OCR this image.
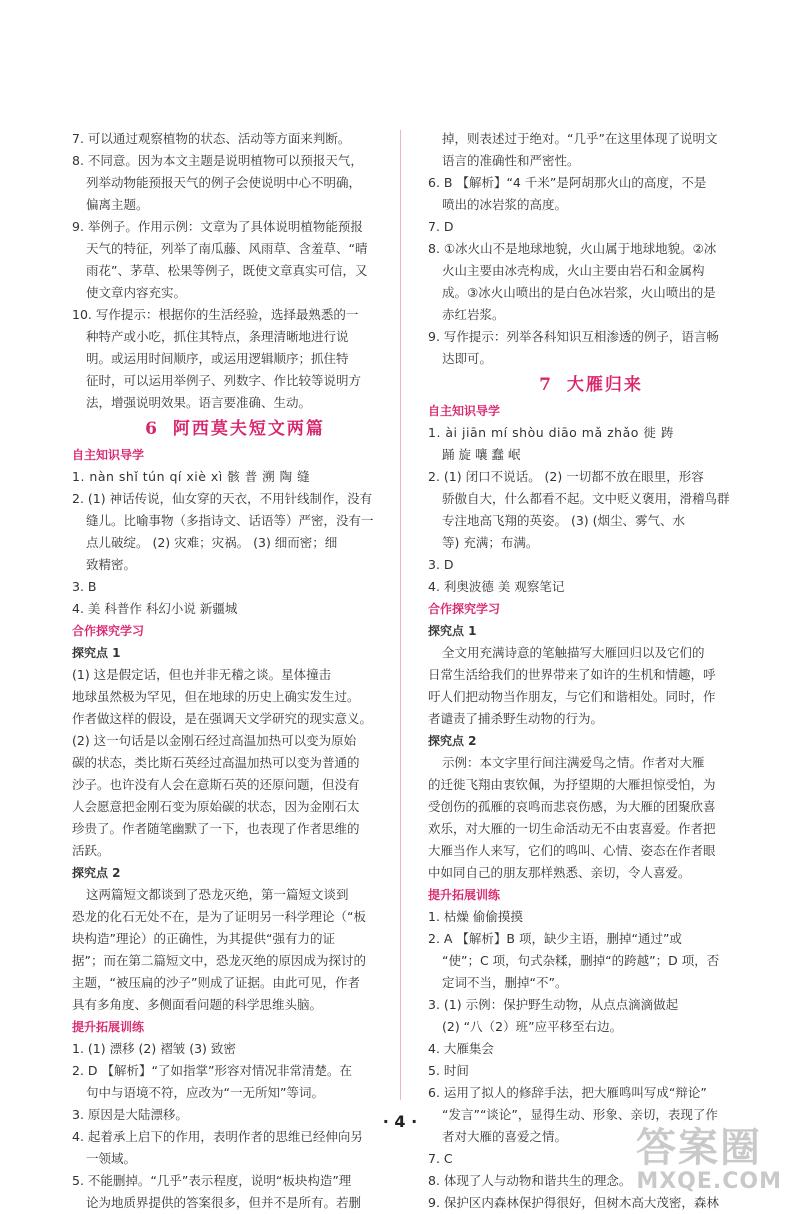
7. 可以通过观察植物的状态、活动等方面来判断。
8. 不同意。因为本文主题是说明植物可以预报天气，
列举动物能预报天气的例子会使说明中心不明确，
偏离主题。
9. 举例子。作用示例：文章为了具体说明植物能预报
天气的特征，列举了南瓜藤、风雨草、含羞草、“晴
雨花”、茅草、松果等例子，既使文章真实可信，又
使文章内容充实。
10. 写作提示：根据你的生活经验，选择最熟悉的一
种特产或小吃，抓住其特点，条理清晰地进行说
明。或运用时间顺序，或运用逻辑顺序；抓住特
征时，可以运用举例子、列数字、作比较等说明方
法，增强说明效果。语言要准确、生动。
6 阿西莫夫短文两篇
自主知识导学
1. nàn shǐ tún qí xiè xì 骸 普 溯 陶 缝
2. (1) 神话传说，仙女穿的天衣，不用针线制作，没有
缝儿。比喻事物（多指诗文、话语等）严密，没有一
点儿破绽。 (2) 灾难；灾祸。 (3) 细而密；细
致精密。
3. B
4. 美 科普作 科幻小说 新疆城
合作探究学习
探究点 1
(1) 这是假定话，但也并非无稽之谈。星体撞击
地球虽然极为罕见，但在地球的历史上确实发生过。
作者做这样的假设，是在强调天文学研究的现实意义。
(2) 这一句话是以金刚石经过高温加热可以变为原始
碳的状态，类比斯石英经过高温加热可以变为普通的
沙子。也许没有人会在意斯石英的还原问题，但没有
人会愿意把金刚石变为原始碳的状态，因为金刚石太
珍贵了。作者随笔幽默了一下，也表现了作者思维的
活跃。
探究点 2
这两篇短文都谈到了恐龙灭绝，第一篇短文谈到
恐龙的化石无处不在，是为了证明另一科学理论（“板
块构造”理论）的正确性，为其提供“强有力的证
据”；而在第二篇短文中，恐龙灭绝的原因成为探讨的
主题，“被压扁的沙子”则成了证据。由此可见，作者
具有多角度、多侧面看问题的科学思维头脑。
提升拓展训练
1. (1) 漂移 (2) 褶皱 (3) 致密
2. D 【解析】“了如指掌”形容对情况非常清楚。在
句中与语境不符，应改为“一无所知”等词。
3. 原因是大陆漂移。
4. 起着承上启下的作用，表明作者的思维已经伸向另
一领域。
5. 不能删掉。“几乎”表示程度，说明“板块构造”理
论为地质界提供的答案很多，但并不是所有。若删
掉，则表述过于绝对。“几乎”在这里体现了说明文
语言的准确性和严密性。
6. B 【解析】“4 千米”是阿胡那火山的高度，不是
喷出的冰岩浆的高度。
7. D
8. ①冰火山不是地球地貌，火山属于地球地貌。②冰
火山主要由冰壳构成，火山主要由岩石和金属构
成。③冰火山喷出的是白色冰岩浆，火山喷出的是
赤红岩浆。
9. 写作提示：列举各科知识互相渗透的例子，语言畅
达即可。
7 大雁归来
自主知识导学
1. ài jiān mí shòu diāo mǎ zhǎo 徙 踌
踊 旋 嚷 蠢 岷
2. (1) 闭口不说话。 (2) 一切都不放在眼里，形容
骄傲自大，什么都看不起。文中贬义褒用，滑稽鸟群
专注地高飞翔的英姿。 (3) (烟尘、雾气、水
等) 充满；布满。
3. D
4. 利奥波德 美 观察笔记
合作探究学习
探究点 1
全文用充满诗意的笔触描写大雁回归以及它们的
日常生活给我们的世界带来了如许的生机和情趣，呼
吁人们把动物当作朋友，与它们和谐相处。同时，作
者谴责了捕杀野生动物的行为。
探究点 2
示例：本文字里行间注满爱鸟之情。作者对大雁
的迁徙飞翔由衷钦佩，为抒望期的大雁担惊受怕，为
受创伤的孤雁的哀鸣而悲哀伤感，为大雁的团聚欣喜
欢乐，对大雁的一切生命活动无不由衷喜爱。作者把
大雁当作人来写，它们的鸣叫、心情、姿态在作者眼
中如同自己的朋友那样熟悉、亲切，令人喜爱。
提升拓展训练
1. 枯燥 偷偷摸摸
2. A 【解析】B 项，缺少主语，删掉“通过”或
“使”；C 项，句式杂糅，删掉“的跨越”；D 项，否
定词不当，删掉“不”。
3. (1) 示例：保护野生动物，从点点滴滴做起
(2) “八（2）班”应平移至右边。
4. 大雁集会
5. 时间
6. 运用了拟人的修辞手法，把大雁鸣叫写成“辩论”
“发言”“谈论”，显得生动、形象、亲切，表现了作
者对大雁的喜爱之情。
7. C
8. 体现了人与动物和谐共生的理念。
9. 保护区内森林保护得很好，但树木高大茂密，森林
· 4 ·
答案圈
MXQE.COM
